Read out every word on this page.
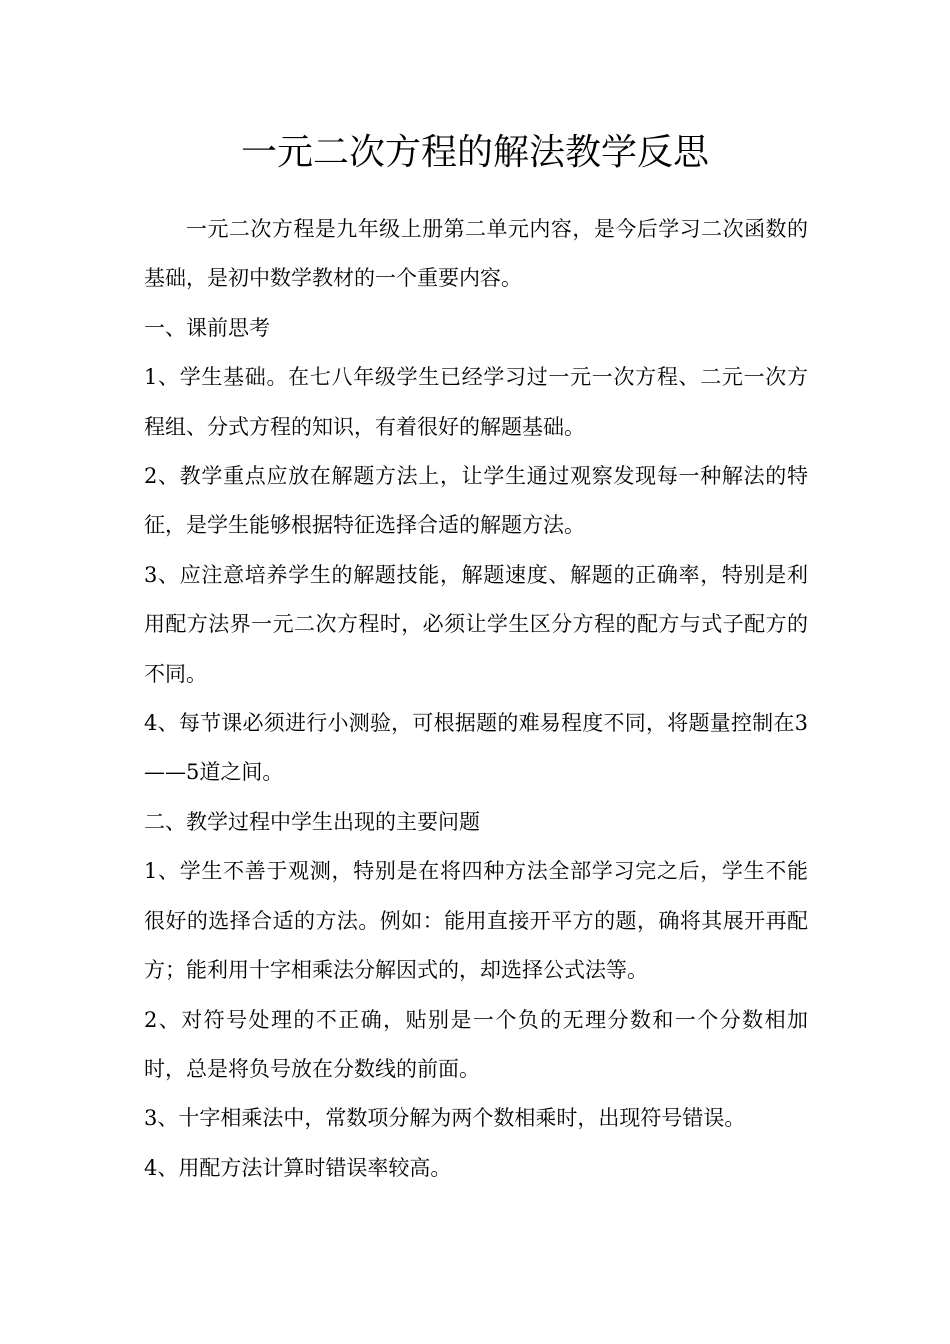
一元二次方程的解法教学反思

一元二次方程是九年级上册第二单元内容，是今后学习二次函数的基础，是初中数学教材的一个重要内容。

一、课前思考

1、学生基础。在七八年级学生已经学习过一元一次方程、二元一次方程组、分式方程的知识，有着很好的解题基础。

2、教学重点应放在解题方法上，让学生通过观察发现每一种解法的特征，是学生能够根据特征选择合适的解题方法。

3、应注意培养学生的解题技能，解题速度、解题的正确率，特别是利用配方法界一元二次方程时，必须让学生区分方程的配方与式子配方的不同。

4、每节课必须进行小测验，可根据题的难易程度不同，将题量控制在3——5道之间。

二、教学过程中学生出现的主要问题

1、学生不善于观测，特别是在将四种方法全部学习完之后，学生不能很好的选择合适的方法。例如：能用直接开平方的题，确将其展开再配方；能利用十字相乘法分解因式的，却选择公式法等。

2、对符号处理的不正确，贴别是一个负的无理分数和一个分数相加时，总是将负号放在分数线的前面。

3、十字相乘法中，常数项分解为两个数相乘时，出现符号错误。

4、用配方法计算时错误率较高。
